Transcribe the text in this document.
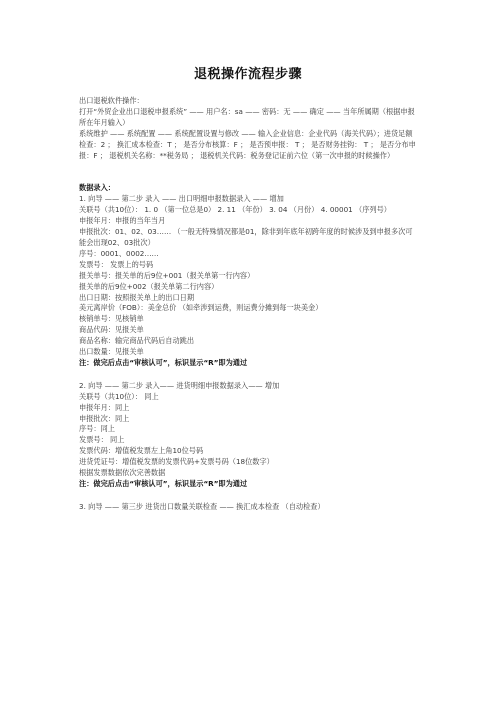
退税操作流程步骤

出口退税软件操作：

打开“外贸企业出口退税申报系统” —— 用户名：sa —— 密码：无 —— 确定 —— 当年所属期（根据申报所在年月输入）

系统维护 —— 系统配置 —— 系统配置设置与修改 —— 输入企业信息：企业代码（海关代码）；进货足额检查：2 ； 换汇成本检查：T ； 是否分布核算：F ； 是否预申报： T ； 是否财务挂钩： T ； 是否分布申报：F ； 退税机关名称：**税务局 ； 退税机关代码：税务登记证前六位（第一次申报的时候操作）

数据录入：

1. 向导 —— 第二步 录入 —— 出口明细申报数据录入 —— 增加

关联号（共10位）： 1. 0 （第一位总是0） 2. 11 （年份） 3. 04 （月份） 4. 00001 （序列号）

申报年月：申报的当年当月

申报批次：01、02、03…… （一般无特殊情况都是01，除非到年底年初跨年度的时候涉及到申报多次可能会出现02、03批次）

序号：0001、0002……

发票号： 发票上的号码

报关单号：报关单的后9位+001（报关单第一行内容）

报关单的后9位+002（报关单第二行内容）

出口日期：按照报关单上的出口日期

美元离岸价（FOB）：美金总价 （如牵涉到运费，则运费分摊到每一块美金）

核销单号：见核销单

商品代码：见报关单

商品名称：输完商品代码后自动跳出

出口数量：见报关单

注：做完后点击“审核认可”，标识显示“R”即为通过

2. 向导 —— 第二步 录入—— 进货明细申报数据录入—— 增加

关联号（共10位）： 同上

申报年月：同上

申报批次：同上

序号：同上

发票号： 同上

发票代码：增值税发票左上角10位号码

进货凭证号：增值税发票的发票代码+发票号码（18位数字）

根据发票数据依次完善数据

注：做完后点击“审核认可”，标识显示“R”即为通过

3. 向导 —— 第三步 进货出口数量关联检查 —— 换汇成本检查 （自动检查）
